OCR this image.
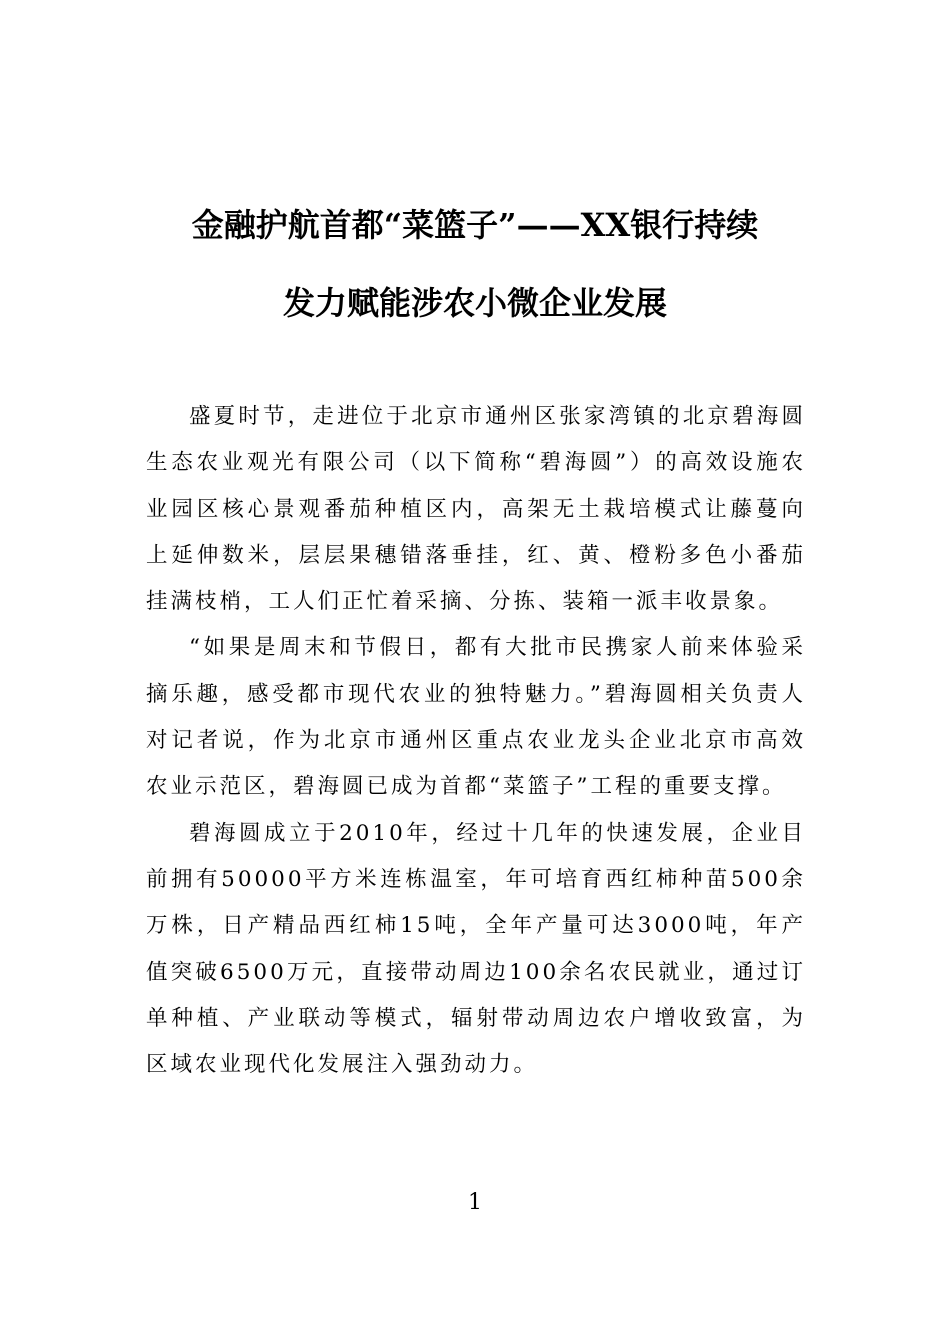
金融护航首都“菜篮子”——XX银行持续
发力赋能涉农小微企业发展

盛夏时节，走进位于北京市通州区张家湾镇的北京碧海圆生态农业观光有限公司（以下简称“碧海圆”）的高效设施农业园区核心景观番茄种植区内，高架无土栽培模式让藤蔓向上延伸数米，层层果穗错落垂挂，红、黄、橙粉多色小番茄挂满枝梢，工人们正忙着采摘、分拣、装箱一派丰收景象。

“如果是周末和节假日，都有大批市民携家人前来体验采摘乐趣，感受都市现代农业的独特魅力。”碧海圆相关负责人对记者说，作为北京市通州区重点农业龙头企业北京市高效农业示范区，碧海圆已成为首都“菜篮子”工程的重要支撑。

碧海圆成立于2010年，经过十几年的快速发展，企业目前拥有50000平方米连栋温室，年可培育西红柿种苗500余万株，日产精品西红柿15吨，全年产量可达3000吨，年产值突破6500万元，直接带动周边100余名农民就业，通过订单种植、产业联动等模式，辐射带动周边农户增收致富，为区域农业现代化发展注入强劲动力。

1
